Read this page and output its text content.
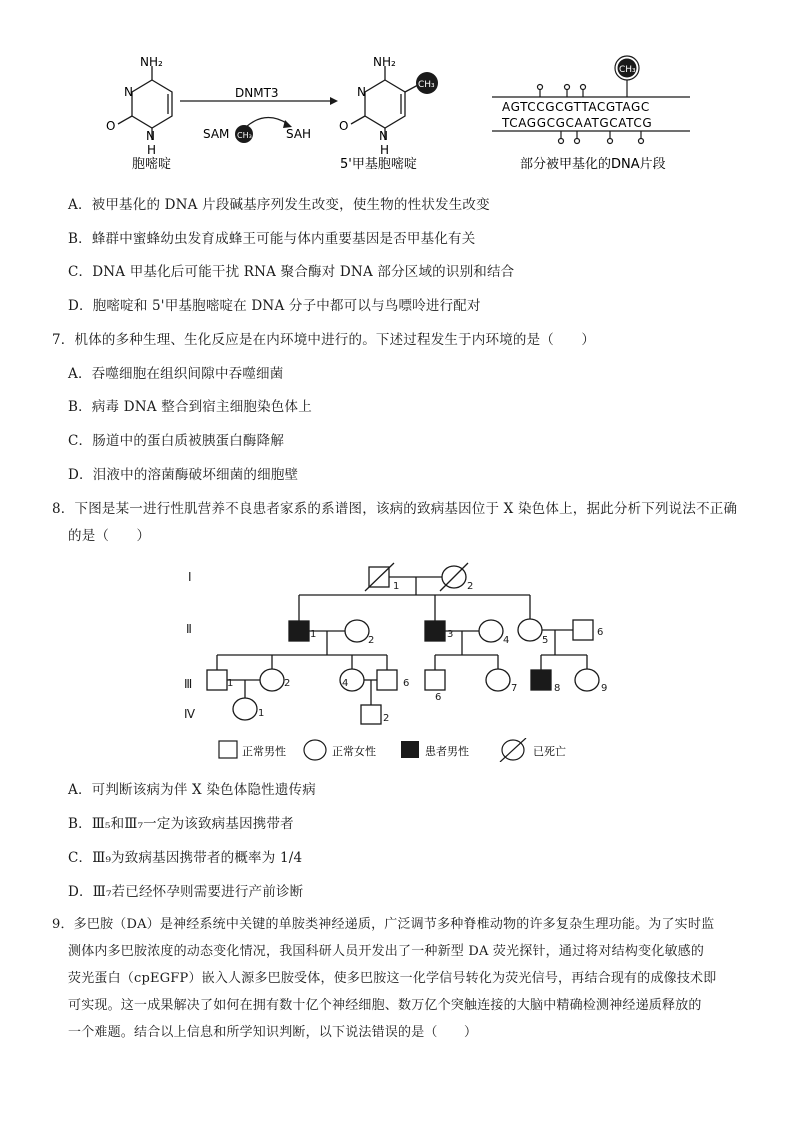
NH₂
N
O
N
H
胞嘧啶
DNMT3
SAM CH₃	SAH
NH₂
N
O
N
H
CH₃
5'甲基胞嘧啶
CH₃
AGTCCGCGTTACGTAGC
TCAGGCGCAATGCATCG
部分被甲基化的DNA片段
A．被甲基化的 DNA 片段碱基序列发生改变，使生物的性状发生改变
B．蜂群中蜜蜂幼虫发育成蜂王可能与体内重要基因是否甲基化有关
C．DNA 甲基化后可能干扰 RNA 聚合酶对 DNA 部分区域的识别和结合
D．胞嘧啶和 5'甲基胞嘧啶在 DNA 分子中都可以与鸟嘌呤进行配对
7．机体的多种生理、生化反应是在内环境中进行的。下述过程发生于内环境的是（　　）
A．吞噬细胞在组织间隙中吞噬细菌
B．病毒 DNA 整合到宿主细胞染色体上
C．肠道中的蛋白质被胰蛋白酶降解
D．泪液中的溶菌酶破坏细菌的细胞壁
8．下图是某一进行性肌营养不良患者家系的系谱图，该病的致病基因位于 X 染色体上，据此分析下列说法不正确
的是（　　）
Ⅰ
Ⅱ
Ⅲ
Ⅳ
1	2
1
2
3
4	5
6
1	2	4	6
6
7	8	9
1	2
正常男性	正常女性	患者男性	已死亡
A．可判断该病为伴 X 染色体隐性遗传病
B．Ⅲ₅和Ⅲ₇一定为该致病基因携带者
C．Ⅲ₉为致病基因携带者的概率为 1/4
D．Ⅲ₇若已经怀孕则需要进行产前诊断
9．多巴胺（DA）是神经系统中关键的单胺类神经递质，广泛调节多种脊椎动物的许多复杂生理功能。为了实时监
测体内多巴胺浓度的动态变化情况，我国科研人员开发出了一种新型 DA 荧光探针，通过将对结构变化敏感的
荧光蛋白（cpEGFP）嵌入人源多巴胺受体，使多巴胺这一化学信号转化为荧光信号，再结合现有的成像技术即
可实现。这一成果解决了如何在拥有数十亿个神经细胞、数万亿个突触连接的大脑中精确检测神经递质释放的
一个难题。结合以上信息和所学知识判断，以下说法错误的是（　　）
